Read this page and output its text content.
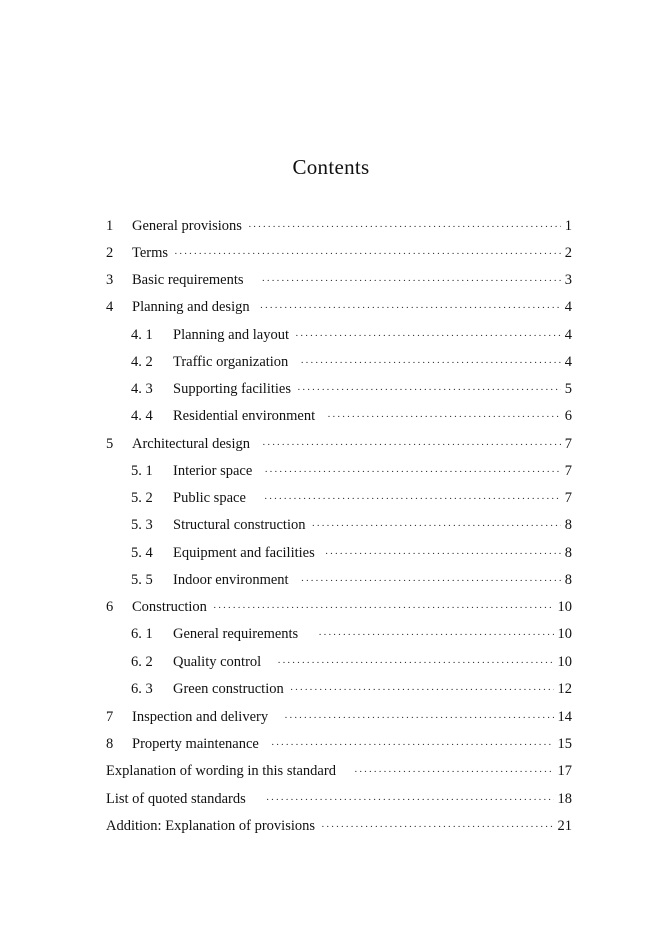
Contents
1	General provisions ·····	1
2	Terms ·····	2
3	Basic requirements ·····	3
4	Planning and design ·····	4
4. 1	Planning and layout ·····	4
4. 2	Traffic organization ·····	4
4. 3	Supporting facilities ·····	5
4. 4	Residential environment ·····	6
5	Architectural design ·····	7
5. 1	Interior space ·····	7
5. 2	Public space ·····	7
5. 3	Structural construction ·····	8
5. 4	Equipment and facilities ·····	8
5. 5	Indoor environment ·····	8
6	Construction ·····	10
6. 1	General requirements ·····	10
6. 2	Quality control ·····	10
6. 3	Green construction ·····	12
7	Inspection and delivery ·····	14
8	Property maintenance ·····	15
Explanation of wording in this standard ·····	17
List of quoted standards ·····	18
Addition: Explanation of provisions ·····	21
